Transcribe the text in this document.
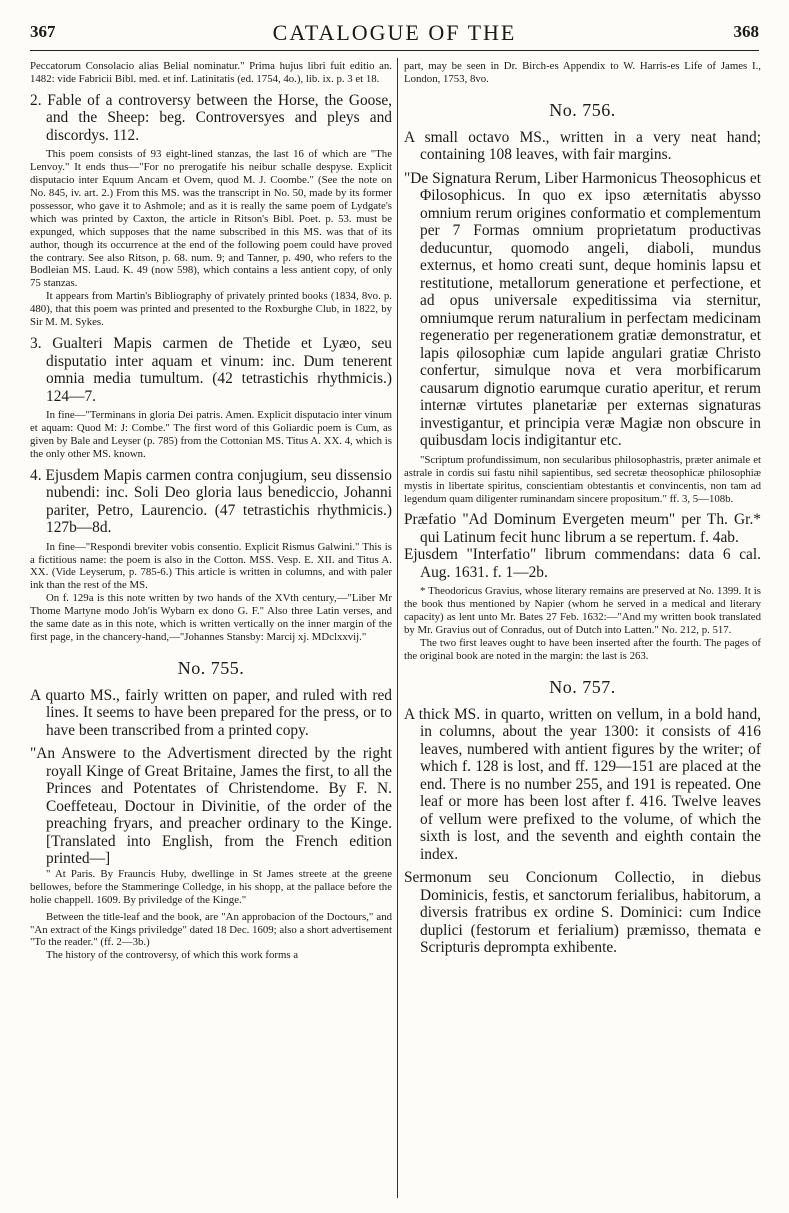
367	CATALOGUE OF THE	368

Peccatorum Consolacio alias Belial nominatur." Prima hujus libri fuit editio an. 1482: vide Fabricii Bibl. med. et inf. Latinitatis (ed. 1754, 4o.), lib. ix. p. 3 et 18.

2. Fable of a controversy between the Horse, the Goose, and the Sheep: beg. Controversyes and pleys and discordys. 112.

This poem consists of 93 eight-lined stanzas, the last 16 of which are "The Lenvoy." It ends thus—"For no prerogatife his neibur schalle despyse. Explicit disputacio inter Equum Ancam et Ovem, quod M. J. Coombe." (See the note on No. 845, iv. art. 2.) From this MS. was the transcript in No. 50, made by its former possessor, who gave it to Ashmole; and as it is really the same poem of Lydgate's which was printed by Caxton, the article in Ritson's Bibl. Poet. p. 53. must be expunged, which supposes that the name subscribed in this MS. was that of its author, though its occurrence at the end of the following poem could have proved the contrary. See also Ritson, p. 68. num. 9; and Tanner, p. 490, who refers to the Bodleian MS. Laud. K. 49 (now 598), which contains a less antient copy, of only 75 stanzas.

It appears from Martin's Bibliography of privately printed books (1834, 8vo. p. 480), that this poem was printed and presented to the Roxburghe Club, in 1822, by Sir M. M. Sykes.

3. Gualteri Mapis carmen de Thetide et Lyæo, seu disputatio inter aquam et vinum: inc. Dum tenerent omnia media tumultum. (42 tetrastichis rhythmicis.) 124—7.

In fine—"Terminans in gloria Dei patris. Amen. Explicit disputacio inter vinum et aquam: Quod M: J: Combe." The first word of this Goliardic poem is Cum, as given by Bale and Leyser (p. 785) from the Cottonian MS. Titus A. XX. 4, which is the only other MS. known.

4. Ejusdem Mapis carmen contra conjugium, seu dissensio nubendi: inc. Soli Deo gloria laus benediccio, Johanni pariter, Petro, Laurencio. (47 tetrastichis rhythmicis.) 127b—8d.

In fine—"Respondi breviter vobis consentio. Explicit Rismus Galwini." This is a fictitious name: the poem is also in the Cotton. MSS. Vesp. E. XII. and Titus A. XX. (Vide Leyserum, p. 785-6.) This article is written in columns, and with paler ink than the rest of the MS.

On f. 129a is this note written by two hands of the XVth century,—"Liber Mr Thome Martyne modo Joh'is Wybarn ex dono G. F." Also three Latin verses, and the same date as in this note, which is written vertically on the inner margin of the first page, in the chancery-hand,—"Johannes Stansby: Marcij xj. MDclxxvij."

No. 755.

A quarto MS., fairly written on paper, and ruled with red lines. It seems to have been prepared for the press, or to have been transcribed from a printed copy.

"An Answere to the Advertisment directed by the right royall Kinge of Great Britaine, James the first, to all the Princes and Potentates of Christendome. By F. N. Coeffeteau, Doctour in Divinitie, of the order of the preaching fryars, and preacher ordinary to the Kinge. [Translated into English, from the French edition printed—]

" At Paris. By Frauncis Huby, dwellinge in St James streete at the greene bellowes, before the Stammeringe Colledge, in his shopp, at the pallace before the holie chappell. 1609. By priviledge of the Kinge."

Between the title-leaf and the book, are "An approbacion of the Doctours," and "An extract of the Kings priviledge" dated 18 Dec. 1609; also a short advertisement "To the reader." (ff. 2—3b.)

The history of the controversy, of which this work forms a

part, may be seen in Dr. Birch-es Appendix to W. Harris-es Life of James I., London, 1753, 8vo.

No. 756.

A small octavo MS., written in a very neat hand; containing 108 leaves, with fair margins.

"De Signatura Rerum, Liber Harmonicus Theosophicus et Φilosophicus. In quo ex ipso æternitatis abysso omnium rerum origines conformatio et complementum per 7 Formas omnium proprietatum productivas deducuntur, quomodo angeli, diaboli, mundus externus, et homo creati sunt, deque hominis lapsu et restitutione, metallorum generatione et perfectione, et ad opus universale expeditissima via sternitur, omniumque rerum naturalium in perfectam medicinam regeneratio per regenerationem gratiæ demonstratur, et lapis φilosophiæ cum lapide angulari gratiæ Christo confertur, simulque nova et vera morbificarum causarum dignotio earumque curatio aperitur, et rerum internæ virtutes planetariæ per externas signaturas investigantur, et principia veræ Magiæ non obscure in quibusdam locis indigitantur etc.

"Scriptum profundissimum, non secularibus philosophastris, præter animale et astrale in cordis sui fastu nihil sapientibus, sed secretæ theosophicæ philosophiæ mystis in libertate spiritus, conscientiam obtestantis et convincentis, non tam ad legendum quam diligenter ruminandam sincere propositum." ff. 3, 5—108b.

Præfatio "Ad Dominum Evergeten meum" per Th. Gr.* qui Latinum fecit hunc librum a se repertum. f. 4ab.

Ejusdem "Interfatio" librum commendans: data 6 cal. Aug. 1631. f. 1—2b.

* Theodoricus Gravius, whose literary remains are preserved at No. 1399. It is the book thus mentioned by Napier (whom he served in a medical and literary capacity) as lent unto Mr. Bates 27 Feb. 1632:—"And my written book translated by Mr. Gravius out of Conradus, out of Dutch into Latten." No. 212, p. 517.

The two first leaves ought to have been inserted after the fourth. The pages of the original book are noted in the margin: the last is 263.

No. 757.

A thick MS. in quarto, written on vellum, in a bold hand, in columns, about the year 1300: it consists of 416 leaves, numbered with antient figures by the writer; of which f. 128 is lost, and ff. 129—151 are placed at the end. There is no number 255, and 191 is repeated. One leaf or more has been lost after f. 416. Twelve leaves of vellum were prefixed to the volume, of which the sixth is lost, and the seventh and eighth contain the index.

Sermonum seu Concionum Collectio, in diebus Dominicis, festis, et sanctorum ferialibus, habitorum, a diversis fratribus ex ordine S. Dominici: cum Indice duplici (festorum et ferialium) præmisso, themata e Scripturis deprompta exhibente.
